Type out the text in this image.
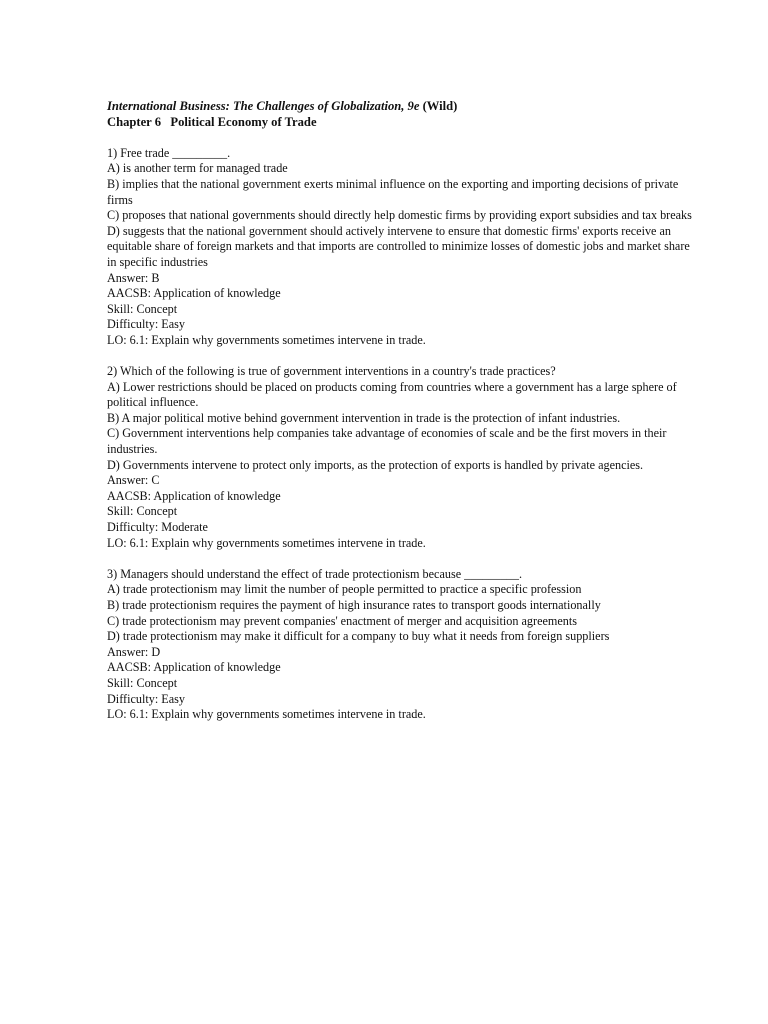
International Business: The Challenges of Globalization, 9e (Wild)
Chapter 6   Political Economy of Trade
1) Free trade _________.
A) is another term for managed trade
B) implies that the national government exerts minimal influence on the exporting and importing decisions of private firms
C) proposes that national governments should directly help domestic firms by providing export subsidies and tax breaks
D) suggests that the national government should actively intervene to ensure that domestic firms' exports receive an equitable share of foreign markets and that imports are controlled to minimize losses of domestic jobs and market share in specific industries
Answer: B
AACSB: Application of knowledge
Skill: Concept
Difficulty: Easy
LO: 6.1: Explain why governments sometimes intervene in trade.
2) Which of the following is true of government interventions in a country's trade practices?
A) Lower restrictions should be placed on products coming from countries where a government has a large sphere of political influence.
B) A major political motive behind government intervention in trade is the protection of infant industries.
C) Government interventions help companies take advantage of economies of scale and be the first movers in their industries.
D) Governments intervene to protect only imports, as the protection of exports is handled by private agencies.
Answer: C
AACSB: Application of knowledge
Skill: Concept
Difficulty: Moderate
LO: 6.1: Explain why governments sometimes intervene in trade.
3) Managers should understand the effect of trade protectionism because _________.
A) trade protectionism may limit the number of people permitted to practice a specific profession
B) trade protectionism requires the payment of high insurance rates to transport goods internationally
C) trade protectionism may prevent companies' enactment of merger and acquisition agreements
D) trade protectionism may make it difficult for a company to buy what it needs from foreign suppliers
Answer: D
AACSB: Application of knowledge
Skill: Concept
Difficulty: Easy
LO: 6.1: Explain why governments sometimes intervene in trade.
